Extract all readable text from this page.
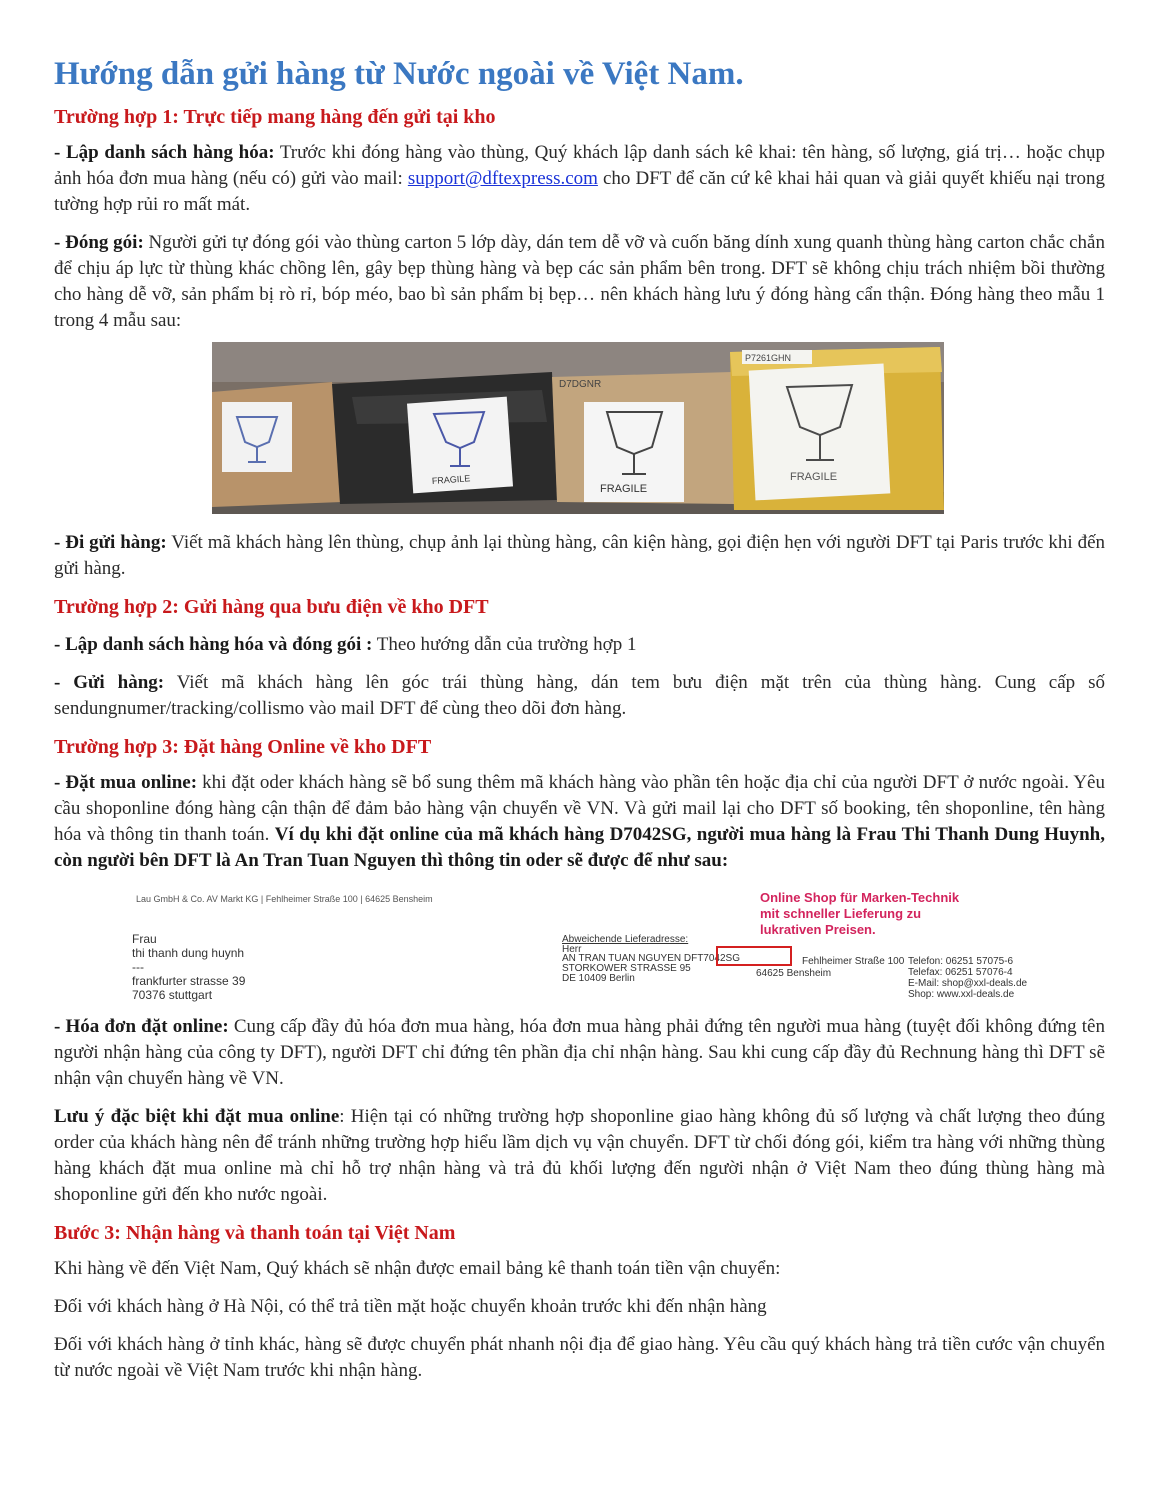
Hướng dẫn gửi hàng từ Nước ngoài về Việt Nam.
Trường hợp 1: Trực tiếp mang hàng đến gửi tại kho

- Lập danh sách hàng hóa: Trước khi đóng hàng vào thùng, Quý khách lập danh sách kê khai: tên hàng, số lượng, giá trị… hoặc chụp ảnh hóa đơn mua hàng (nếu có) gửi vào mail: support@dftexpress.com cho DFT để căn cứ kê khai hải quan và giải quyết khiếu nại trong tường hợp rủi ro mất mát.

- Đóng gói: Người gửi tự đóng gói vào thùng carton 5 lớp dày, dán tem dễ vỡ và cuốn băng dính xung quanh thùng hàng carton chắc chắn để chịu áp lực từ thùng khác chồng lên, gây bẹp thùng hàng và bẹp các sản phẩm bên trong. DFT sẽ không chịu trách nhiệm bồi thường cho hàng dễ vỡ, sản phẩm bị rò rỉ, bóp méo, bao bì sản phẩm bị bẹp… nên khách hàng lưu ý đóng hàng cẩn thận. Đóng hàng theo mẫu 1 trong 4 mẫu sau:

FRAGILE
FRAGILE
D7DGNR
FRAGILE
P7261GHN

- Đi gửi hàng: Viết mã khách hàng lên thùng, chụp ảnh lại thùng hàng, cân kiện hàng, gọi điện hẹn với người DFT tại Paris trước khi đến gửi hàng.

Trường hợp 2: Gửi hàng qua bưu điện về kho DFT

- Lập danh sách hàng hóa và đóng gói : Theo hướng dẫn của trường hợp 1

- Gửi hàng: Viết mã khách hàng lên góc trái thùng hàng, dán tem bưu điện mặt trên của thùng hàng. Cung cấp số sendungnumer/tracking/collismo vào mail DFT để cùng theo dõi đơn hàng.

Trường hợp 3: Đặt hàng Online về kho DFT

- Đặt mua online: khi đặt oder khách hàng sẽ bổ sung thêm mã khách hàng vào phần tên hoặc địa chỉ của người DFT ở nước ngoài. Yêu cầu shoponline đóng hàng cận thận để đảm bảo hàng vận chuyển về VN. Và gửi mail lại cho DFT số booking, tên shoponline, tên hàng hóa và thông tin thanh toán. Ví dụ khi đặt online của mã khách hàng D7042SG, người mua hàng là Frau Thi Thanh Dung Huynh, còn người bên DFT là An Tran Tuan Nguyen thì thông tin oder sẽ được để như sau:

Lau GmbH & Co. AV Markt KG | Fehlheimer Straße 100 | 64625 Bensheim
Frau
thi thanh dung huynh
---
frankfurter strasse 39
70376 stuttgart
Abweichende Lieferadresse:
Herr
AN TRAN TUAN NGUYEN DFT7042SG
STORKOWER STRASSE 95
DE 10409 Berlin
Online Shop für Marken-Technik
mit schneller Lieferung zu
lukrativen Preisen.
Fehlheimer Straße 100
64625 Bensheim
Telefon: 06251 57075-6
Telefax: 06251 57076-4
E-Mail: shop@xxl-deals.de
Shop: www.xxl-deals.de

- Hóa đơn đặt online: Cung cấp đầy đủ hóa đơn mua hàng, hóa đơn mua hàng phải đứng tên người mua hàng (tuyệt đối không đứng tên người nhận hàng của công ty DFT), người DFT chỉ đứng tên phần địa chỉ nhận hàng. Sau khi cung cấp đầy đủ Rechnung hàng thì DFT sẽ nhận vận chuyển hàng về VN.

Lưu ý đặc biệt khi đặt mua online: Hiện tại có những trường hợp shoponline giao hàng không đủ số lượng và chất lượng theo đúng order của khách hàng nên để tránh những trường hợp hiểu lầm dịch vụ vận chuyển. DFT từ chối đóng gói, kiểm tra hàng với những thùng hàng khách đặt mua online mà chỉ hỗ trợ nhận hàng và trả đủ khối lượng đến người nhận ở Việt Nam theo đúng thùng hàng mà shoponline gửi đến kho nước ngoài.

Bước 3: Nhận hàng và thanh toán tại Việt Nam

Khi hàng về đến Việt Nam, Quý khách sẽ nhận được email bảng kê thanh toán tiền vận chuyển:

Đối với khách hàng ở Hà Nội, có thể trả tiền mặt hoặc chuyển khoản trước khi đến nhận hàng

Đối với khách hàng ở tỉnh khác, hàng sẽ được chuyển phát nhanh nội địa để giao hàng. Yêu cầu quý khách hàng trả tiền cước vận chuyển từ nước ngoài về Việt Nam trước khi nhận hàng.
